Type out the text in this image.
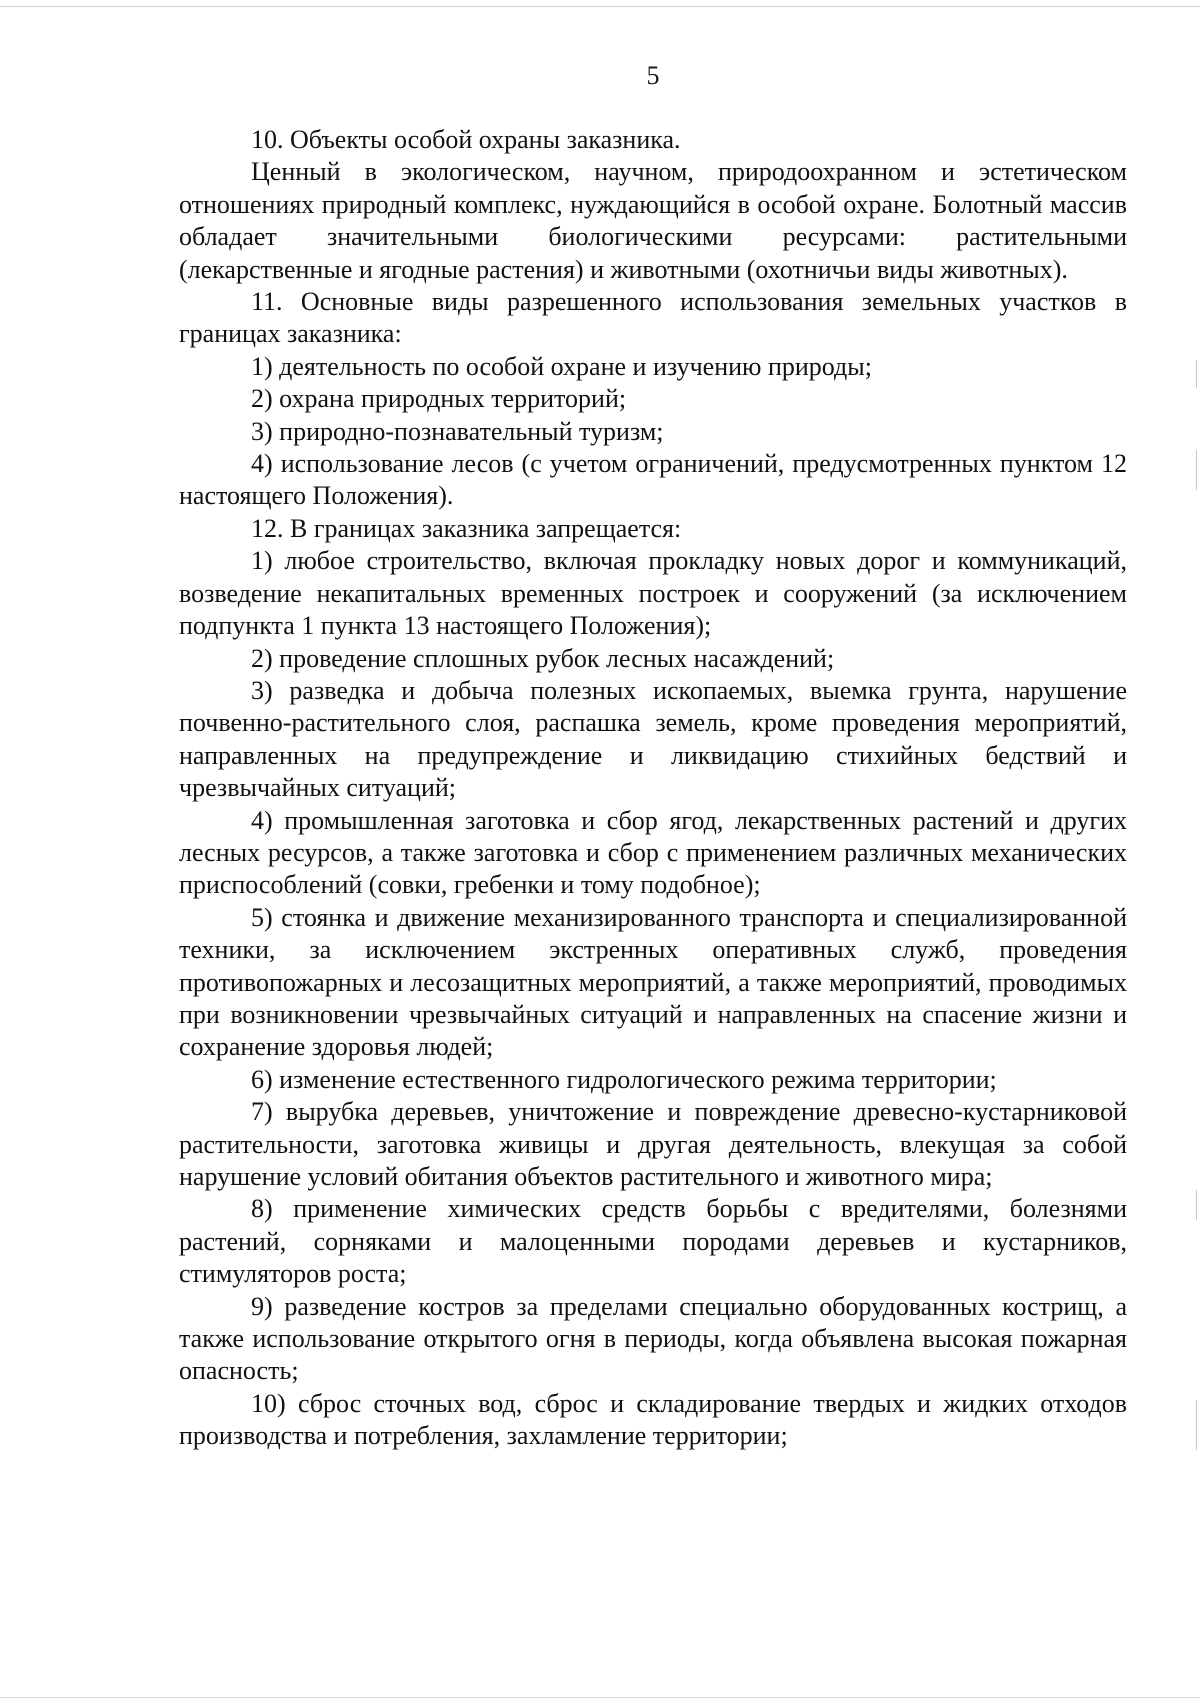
5

10. Объекты особой охраны заказника.

Ценный в экологическом, научном, природоохранном и эстетическом отношениях природный комплекс, нуждающийся в особой охране. Болотный массив обладает значительными биологическими ресурсами: растительными (лекарственные и ягодные растения) и животными (охотничьи виды животных).

11. Основные виды разрешенного использования земельных участков в границах заказника:

1) деятельность по особой охране и изучению природы;

2) охрана природных территорий;

3) природно-познавательный туризм;

4) использование лесов (с учетом ограничений, предусмотренных пунктом 12 настоящего Положения).

12. В границах заказника запрещается:

1) любое строительство, включая прокладку новых дорог и коммуникаций, возведение некапитальных временных построек и сооружений (за исключением подпункта 1 пункта 13 настоящего Положения);

2) проведение сплошных рубок лесных насаждений;

3) разведка и добыча полезных ископаемых, выемка грунта, нарушение почвенно-растительного слоя, распашка земель, кроме проведения мероприятий, направленных на предупреждение и ликвидацию стихийных бедствий и чрезвычайных ситуаций;

4) промышленная заготовка и сбор ягод, лекарственных растений и других лесных ресурсов, а также заготовка и сбор с применением различных механических приспособлений (совки, гребенки и тому подобное);

5) стоянка и движение механизированного транспорта и специализированной техники, за исключением экстренных оперативных служб, проведения противопожарных и лесозащитных мероприятий, а также мероприятий, проводимых при возникновении чрезвычайных ситуаций и направленных на спасение жизни и сохранение здоровья людей;

6) изменение естественного гидрологического режима территории;

7) вырубка деревьев, уничтожение и повреждение древесно-кустарниковой растительности, заготовка живицы и другая деятельность, влекущая за собой нарушение условий обитания объектов растительного и животного мира;

8) применение химических средств борьбы с вредителями, болезнями растений, сорняками и малоценными породами деревьев и кустарников, стимуляторов роста;

9) разведение костров за пределами специально оборудованных кострищ, а также использование открытого огня в периоды, когда объявлена высокая пожарная опасность;

10) сброс сточных вод, сброс и складирование твердых и жидких отходов производства и потребления, захламление территории;
